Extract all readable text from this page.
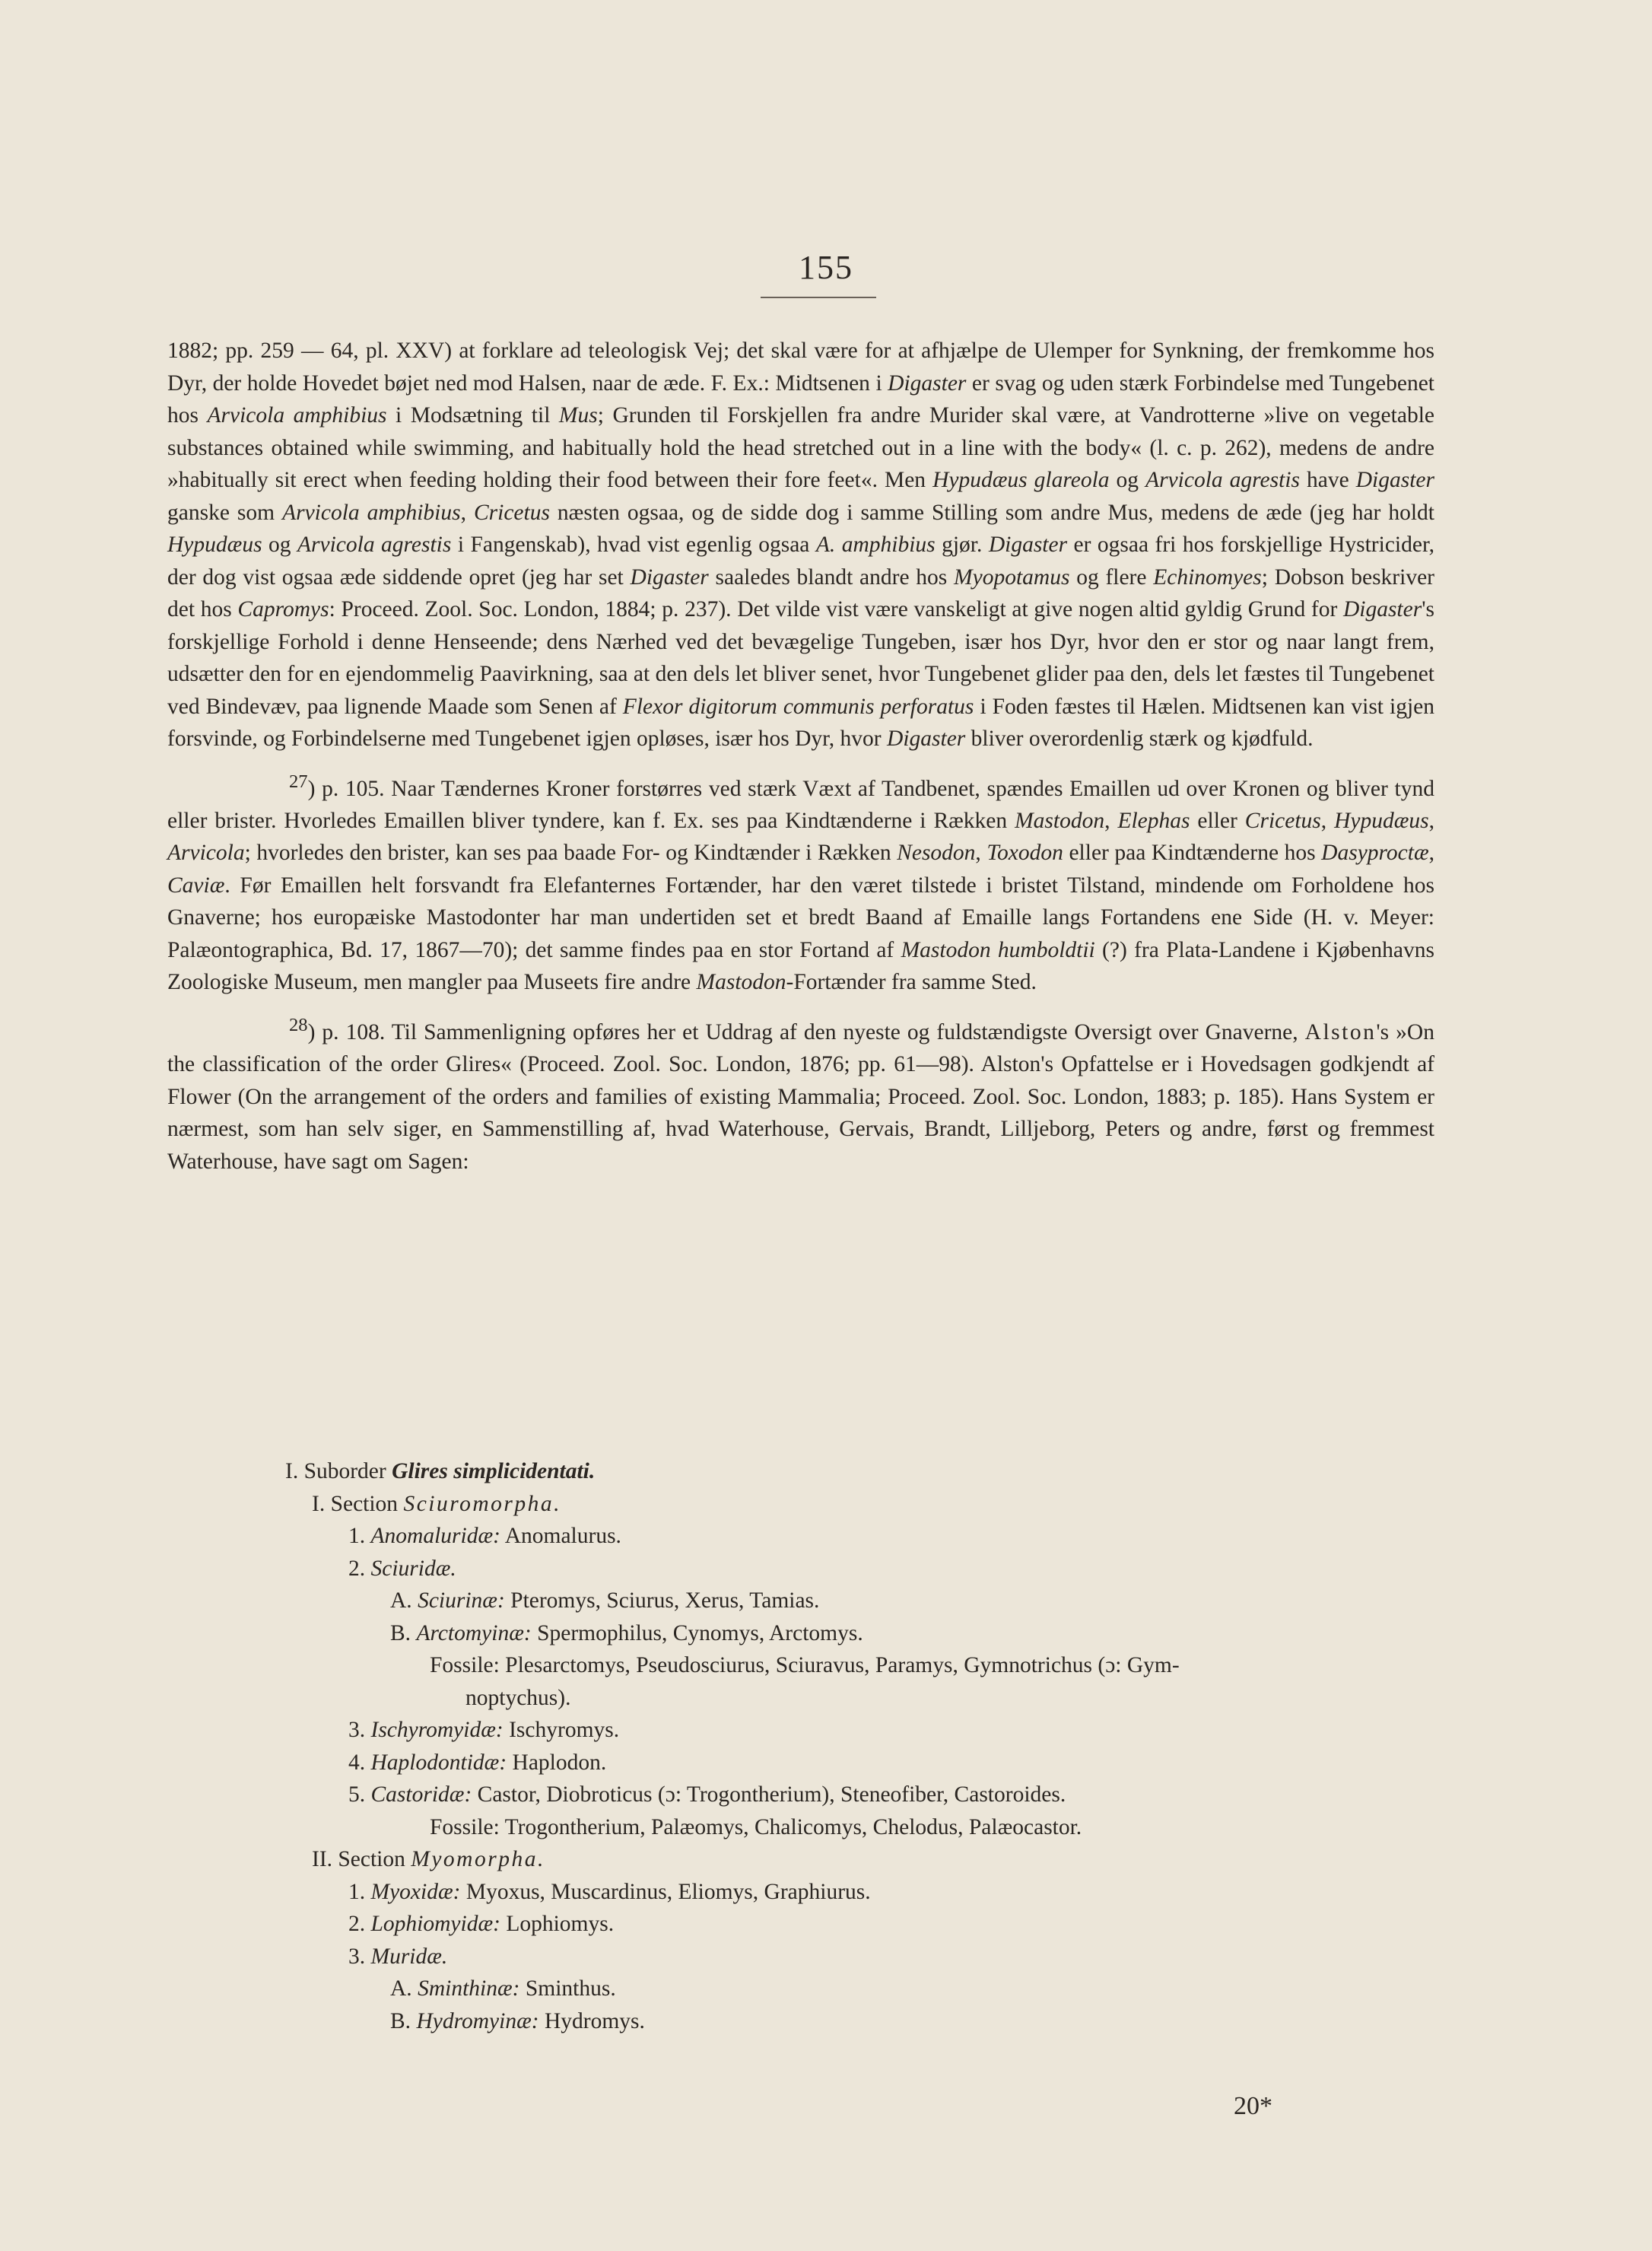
155

1882; pp. 259 — 64, pl. XXV) at forklare ad teleologisk Vej; det skal være for at afhjælpe de Ulemper for Synkning, der fremkomme hos Dyr, der holde Hovedet bøjet ned mod Halsen, naar de æde. F. Ex.: Midtsenen i Digaster er svag og uden stærk Forbindelse med Tungebenet hos Arvicola amphibius i Modsætning til Mus; Grunden til Forskjellen fra andre Murider skal være, at Vandrotterne »live on vegetable substances obtained while swimming, and habitually hold the head stretched out in a line with the body« (l. c. p. 262), medens de andre »habitually sit erect when feeding holding their food between their fore feet«. Men Hypudæus glareola og Arvicola agrestis have Digaster ganske som Arvicola amphibius, Cricetus næsten ogsaa, og de sidde dog i samme Stilling som andre Mus, medens de æde (jeg har holdt Hypudæus og Arvicola agrestis i Fangenskab), hvad vist egenlig ogsaa A. amphibius gjør. Digaster er ogsaa fri hos forskjellige Hystricider, der dog vist ogsaa æde siddende opret (jeg har set Digaster saaledes blandt andre hos Myopotamus og flere Echinomyes; Dobson beskriver det hos Capromys: Proceed. Zool. Soc. London, 1884; p. 237). Det vilde vist være vanskeligt at give nogen altid gyldig Grund for Digaster's forskjellige Forhold i denne Henseende; dens Nærhed ved det bevægelige Tungeben, især hos Dyr, hvor den er stor og naar langt frem, udsætter den for en ejendommelig Paavirkning, saa at den dels let bliver senet, hvor Tungebenet glider paa den, dels let fæstes til Tungebenet ved Bindevæv, paa lignende Maade som Senen af Flexor digitorum communis perforatus i Foden fæstes til Hælen. Midtsenen kan vist igjen forsvinde, og Forbindelserne med Tungebenet igjen opløses, især hos Dyr, hvor Digaster bliver overordenlig stærk og kjødfuld.

$^{27}$) p. 105. Naar Tændernes Kroner forstørres ved stærk Væxt af Tandbenet, spændes Emaillen ud over Kronen og bliver tynd eller brister. Hvorledes Emaillen bliver tyndere, kan f. Ex. ses paa Kindtænderne i Rækken Mastodon, Elephas eller Cricetus, Hypudæus, Arvicola; hvorledes den brister, kan ses paa baade For- og Kindtænder i Rækken Nesodon, Toxodon eller paa Kindtænderne hos Dasyproctæ, Caviæ. Før Emaillen helt forsvandt fra Elefanternes Fortænder, har den været tilstede i bristet Tilstand, mindende om Forholdene hos Gnaverne; hos europæiske Mastodonter har man undertiden set et bredt Baand af Emaille langs Fortandens ene Side (H. v. Meyer: Palæontographica, Bd. 17, 1867—70); det samme findes paa en stor Fortand af Mastodon humboldtii (?) fra Plata-Landene i Kjøbenhavns Zoologiske Museum, men mangler paa Museets fire andre Mastodon-Fortænder fra samme Sted.

$^{28}$) p. 108. Til Sammenligning opføres her et Uddrag af den nyeste og fuldstændigste Oversigt over Gnaverne, Alston's »On the classification of the order Glires« (Proceed. Zool. Soc. London, 1876; pp. 61—98). Alston's Opfattelse er i Hovedsagen godkjendt af Flower (On the arrangement of the orders and families of existing Mammalia; Proceed. Zool. Soc. London, 1883; p. 185). Hans System er nærmest, som han selv siger, en Sammenstilling af, hvad Waterhouse, Gervais, Brandt, Lilljeborg, Peters og andre, først og fremmest Waterhouse, have sagt om Sagen:

I. Suborder Glires simplicidentati.
I. Section Sciuromorpha.
1. Anomaluridæ: Anomalurus.
2. Sciuridæ.
A. Sciurinæ: Pteromys, Sciurus, Xerus, Tamias.
B. Arctomyinæ: Spermophilus, Cynomys, Arctomys.
Fossile: Plesarctomys, Pseudosciurus, Sciuravus, Paramys, Gymnotrichus (ɔ: Gym-
noptychus).
3. Ischyromyidæ: Ischyromys.
4. Haplodontidæ: Haplodon.
5. Castoridæ: Castor, Diobroticus (ɔ: Trogontherium), Steneofiber, Castoroides.
Fossile: Trogontherium, Palæomys, Chalicomys, Chelodus, Palæocastor.
II. Section Myomorpha.
1. Myoxidæ: Myoxus, Muscardinus, Eliomys, Graphiurus.
2. Lophiomyidæ: Lophiomys.
3. Muridæ.
A. Sminthinæ: Sminthus.
B. Hydromyinæ: Hydromys.
20*
